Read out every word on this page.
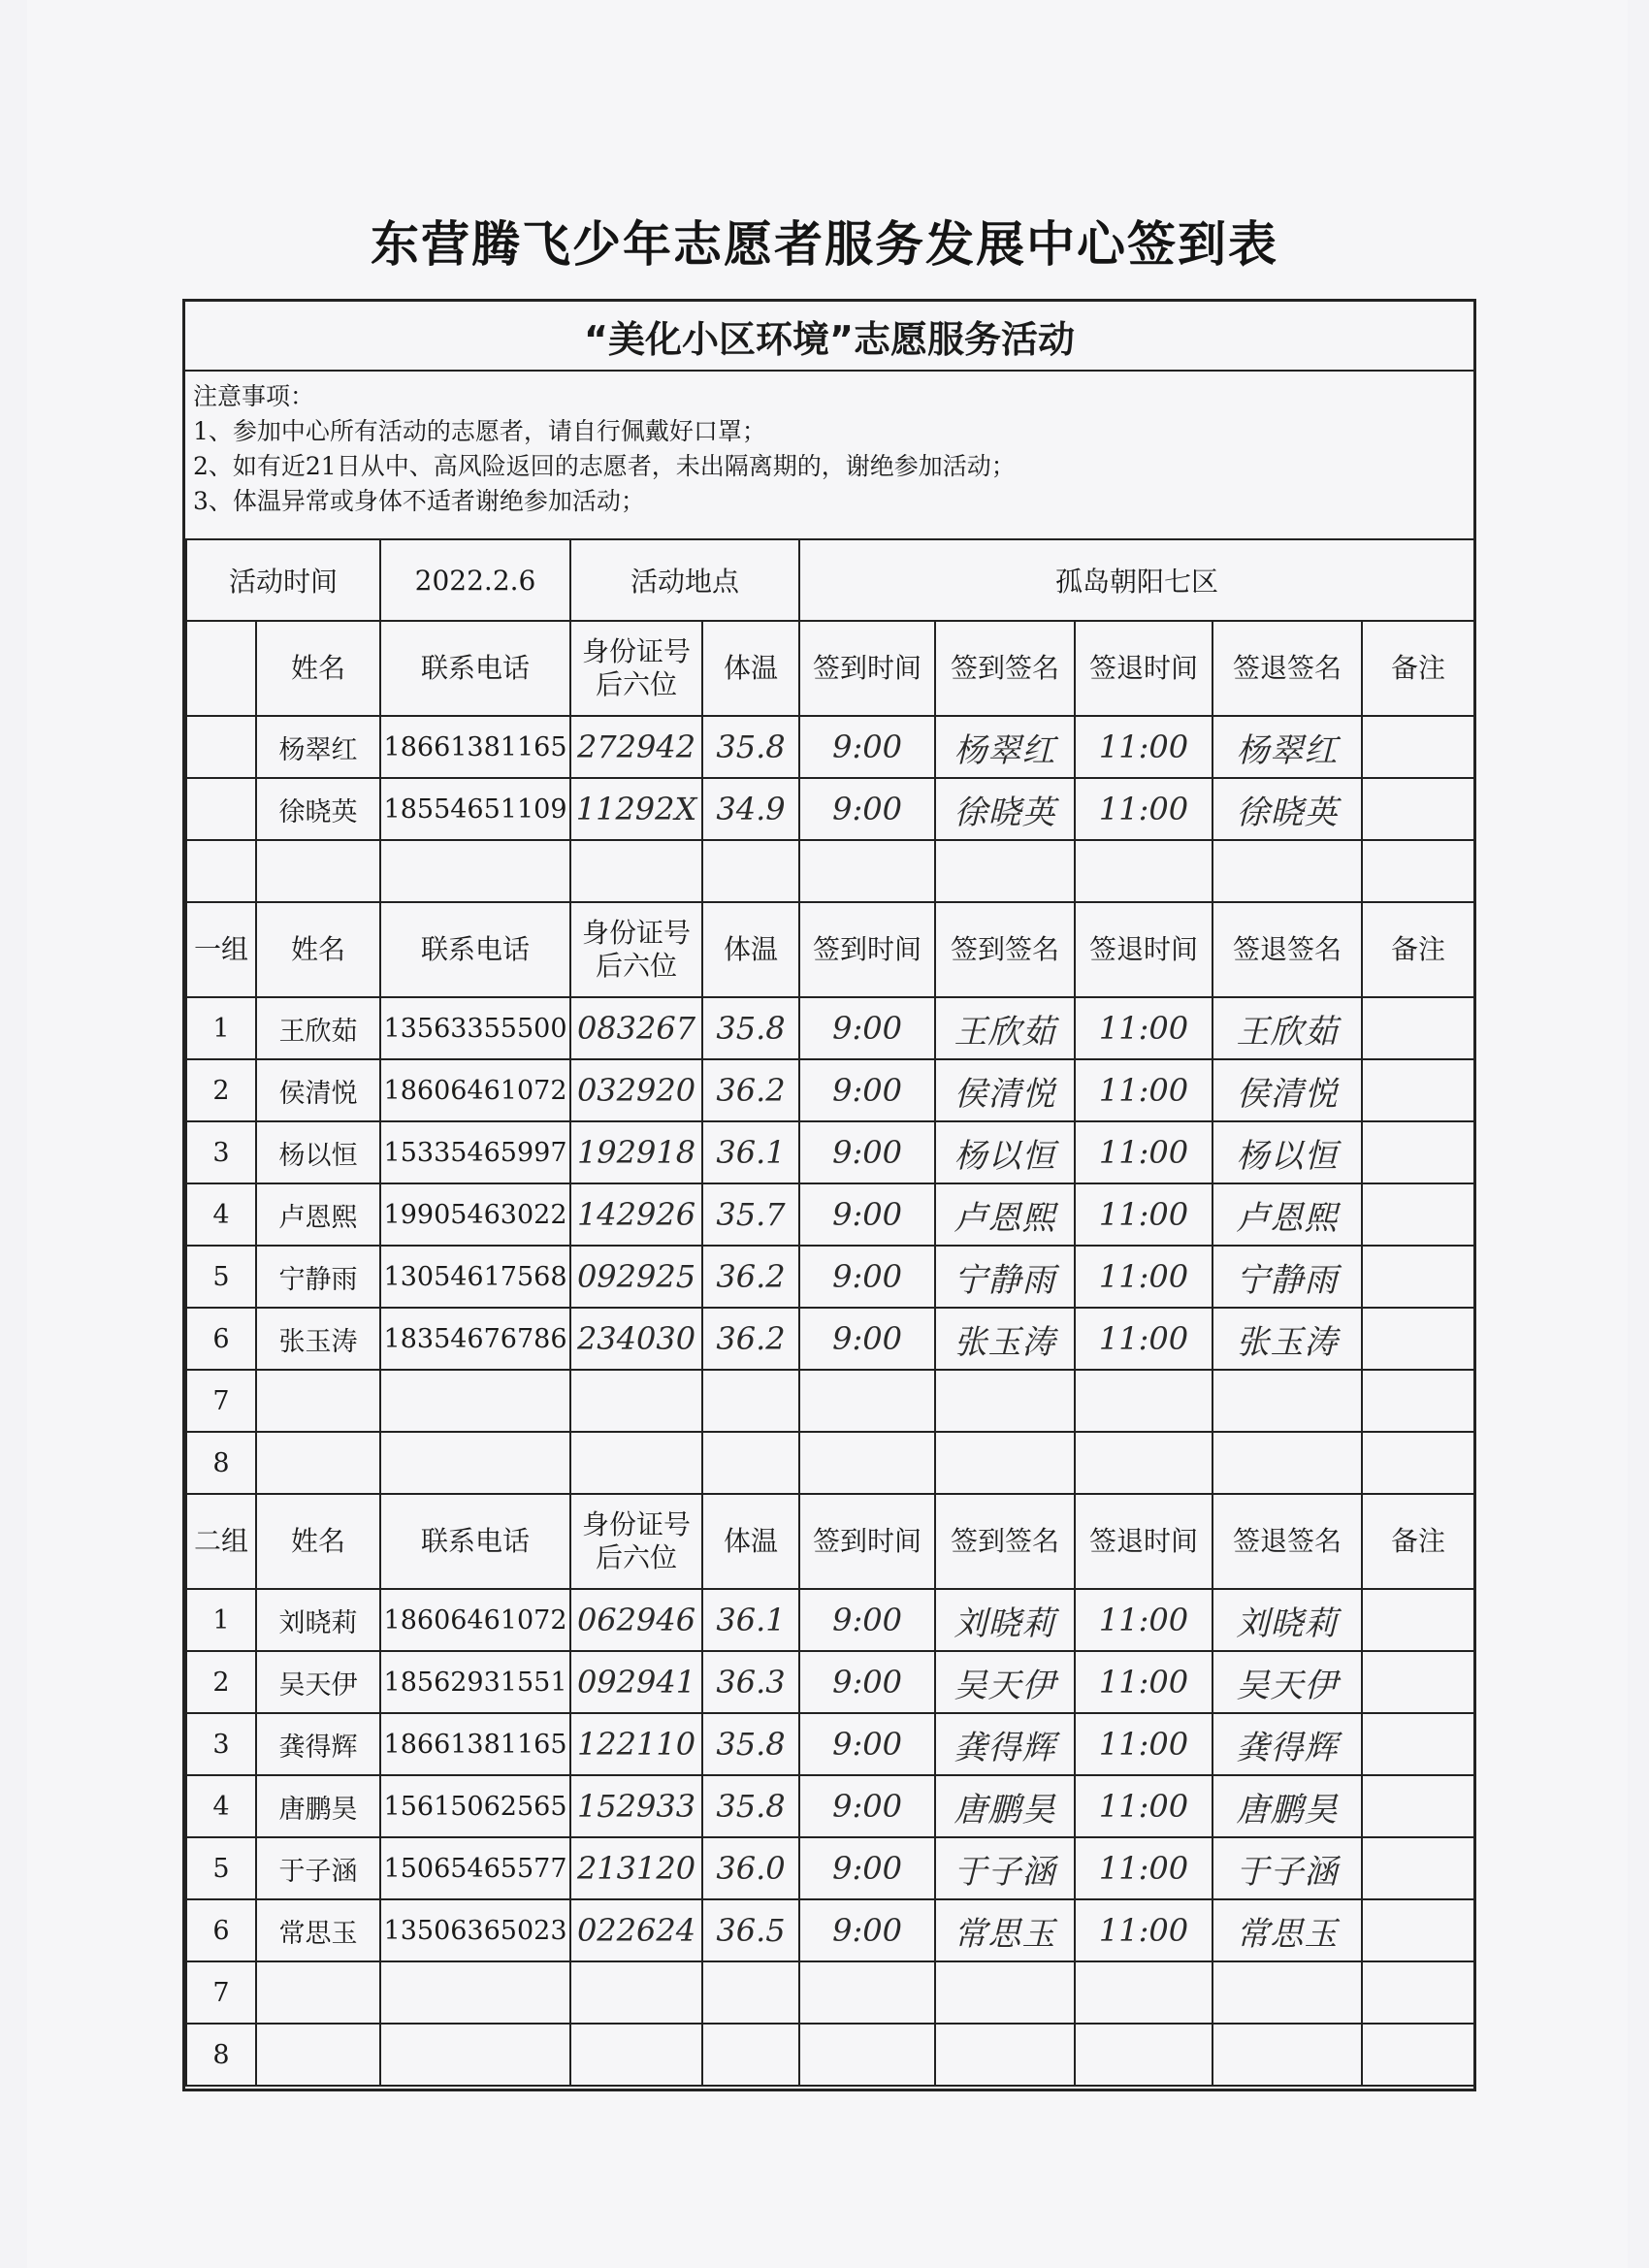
东营腾飞少年志愿者服务发展中心签到表
“美化小区环境”志愿服务活动
注意事项：
1、参加中心所有活动的志愿者，请自行佩戴好口罩；
2、如有近21日从中、高风险返回的志愿者，未出隔离期的，谢绝参加活动；
3、体温异常或身体不适者谢绝参加活动；
活动时间		2022.2.6	活动地点		孤岛朝阳七区				
	姓名	联系电话	身份证号
后六位	体温	签到时间	签到签名	签退时间	签退签名	备注
	杨翠红	18661381165	272942	35.8	9:00	杨翠红	11:00	杨翠红	
	徐晓英	18554651109	11292X	34.9	9:00	徐晓英	11:00	徐晓英	

一组	姓名	联系电话	身份证号
后六位	体温	签到时间	签到签名	签退时间	签退签名	备注
1	王欣茹	13563355500	083267	35.8	9:00	王欣茹	11:00	王欣茹	
2	侯清悦	18606461072	032920	36.2	9:00	侯清悦	11:00	侯清悦	
3	杨以恒	15335465997	192918	36.1	9:00	杨以恒	11:00	杨以恒	
4	卢恩熙	19905463022	142926	35.7	9:00	卢恩熙	11:00	卢恩熙	
5	宁静雨	13054617568	092925	36.2	9:00	宁静雨	11:00	宁静雨	
6	张玉涛	18354676786	234030	36.2	9:00	张玉涛	11:00	张玉涛	
7									
8									
二组	姓名	联系电话	身份证号
后六位	体温	签到时间	签到签名	签退时间	签退签名	备注
1	刘晓莉	18606461072	062946	36.1	9:00	刘晓莉	11:00	刘晓莉	
2	吴天伊	18562931551	092941	36.3	9:00	吴天伊	11:00	吴天伊	
3	龚得辉	18661381165	122110	35.8	9:00	龚得辉	11:00	龚得辉	
4	唐鹏昊	15615062565	152933	35.8	9:00	唐鹏昊	11:00	唐鹏昊	
5	于子涵	15065465577	213120	36.0	9:00	于子涵	11:00	于子涵	
6	常思玉	13506365023	022624	36.5	9:00	常思玉	11:00	常思玉	
7									
8									
